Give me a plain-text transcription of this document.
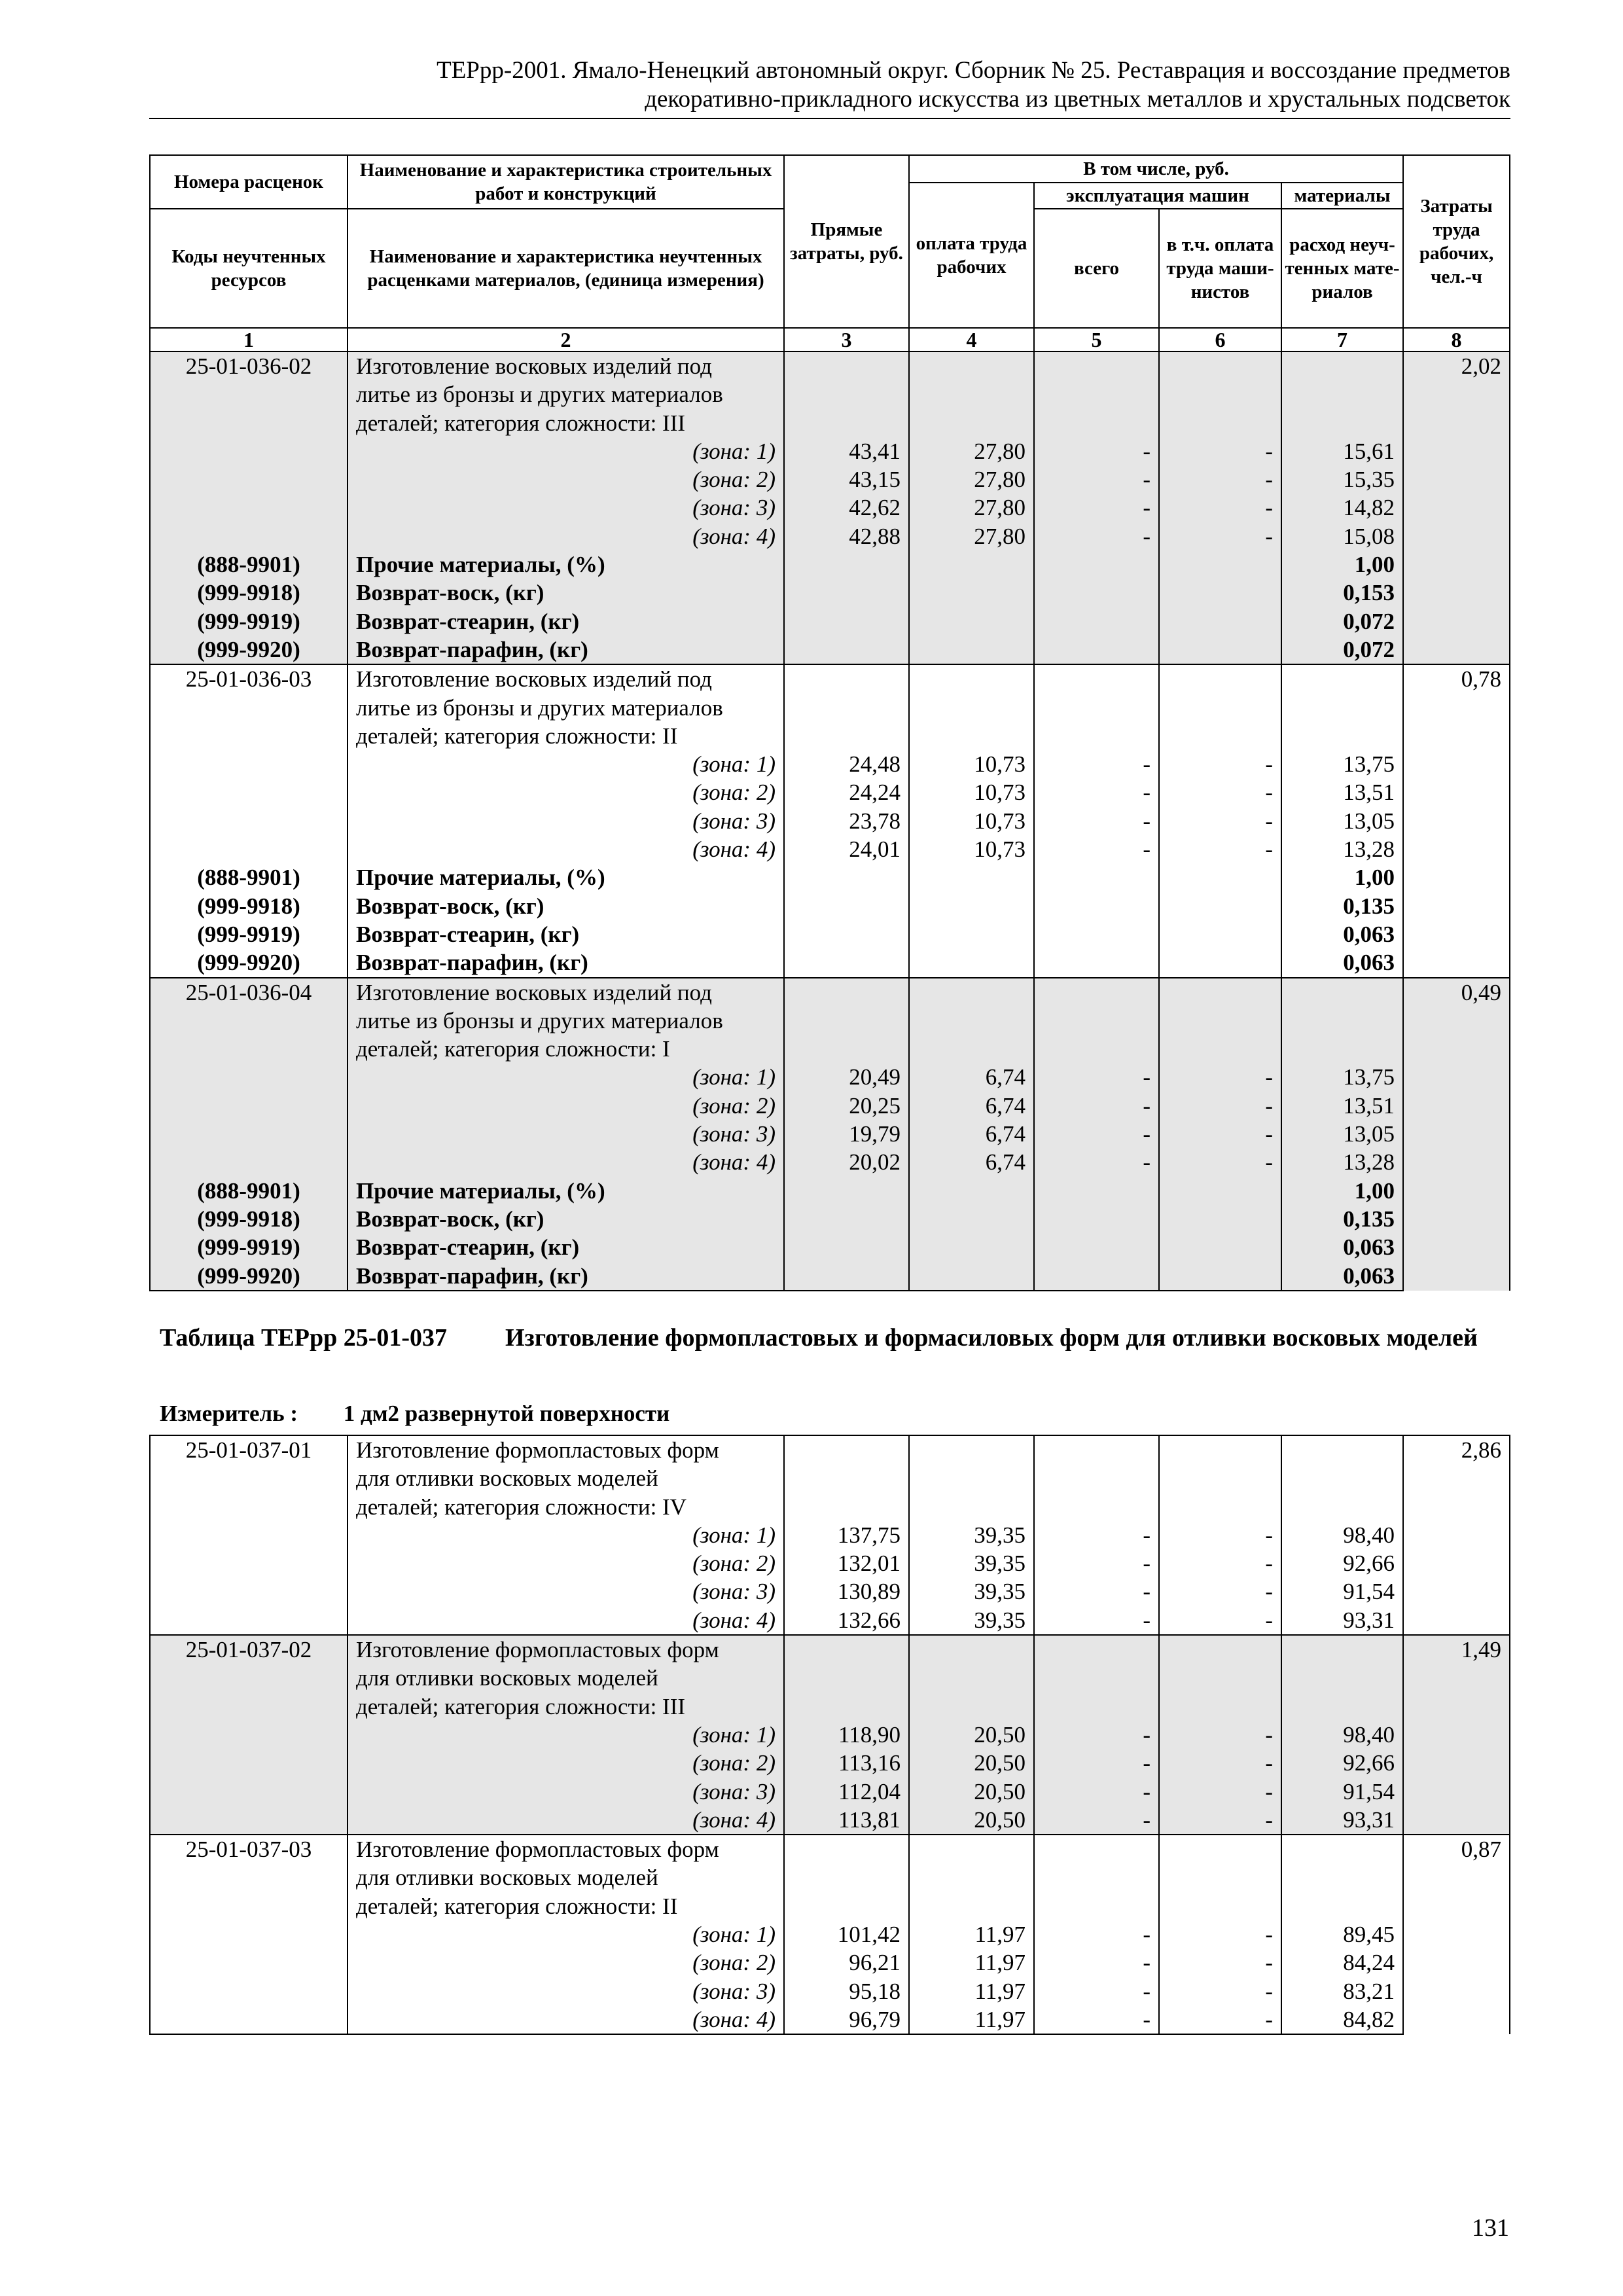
ТЕРрр-2001. Ямало-Ненецкий автономный округ. Сборник № 25. Реставрация и воссоздание предметов
декоративно-прикладного искусства из цветных металлов и хрустальных подсветок
Номера расценок	Наименование и характеристика строительных работ и конструкций	Прямые затраты, руб.	В том числе, руб.				Затраты труда рабочих, чел.-ч
			оплата труда рабочих	эксплуатация машин		материалы	
Коды неучтенных ресурсов	Наименование и характеристика неучтенных расценками материалов, (единица измерения)			всего	в т.ч. оплата труда маши-нистов	расход неуч-тенных мате-риалов	

1	2	3	4	5	6	7	8
25-01-036-02	Изготовление восковых изделий под
литье из бронзы и других материалов
деталей; категория сложности: III						2,02
	(зона: 1)	43,41	27,80	-	-	15,61	
	(зона: 2)	43,15	27,80	-	-	15,35	
	(зона: 3)	42,62	27,80	-	-	14,82	
	(зона: 4)	42,88	27,80	-	-	15,08	
(888-9901)	Прочие материалы, (%)					1,00	
(999-9918)	Возврат-воск, (кг)					0,153	
(999-9919)	Возврат-стеарин, (кг)					0,072	
(999-9920)	Возврат-парафин, (кг)					0,072	
25-01-036-03	Изготовление восковых изделий под
литье из бронзы и других материалов
деталей; категория сложности: II						0,78
	(зона: 1)	24,48	10,73	-	-	13,75	
	(зона: 2)	24,24	10,73	-	-	13,51	
	(зона: 3)	23,78	10,73	-	-	13,05	
	(зона: 4)	24,01	10,73	-	-	13,28	
(888-9901)	Прочие материалы, (%)					1,00	
(999-9918)	Возврат-воск, (кг)					0,135	
(999-9919)	Возврат-стеарин, (кг)					0,063	
(999-9920)	Возврат-парафин, (кг)					0,063	
25-01-036-04	Изготовление восковых изделий под
литье из бронзы и других материалов
деталей; категория сложности: I						0,49
	(зона: 1)	20,49	6,74	-	-	13,75	
	(зона: 2)	20,25	6,74	-	-	13,51	
	(зона: 3)	19,79	6,74	-	-	13,05	
	(зона: 4)	20,02	6,74	-	-	13,28	
(888-9901)	Прочие материалы, (%)					1,00	
(999-9918)	Возврат-воск, (кг)					0,135	
(999-9919)	Возврат-стеарин, (кг)					0,063	
(999-9920)	Возврат-парафин, (кг)					0,063	
Таблица ТЕРрр 25-01-037 Изготовление формопластовых и формасиловых форм для отливки восковых моделей
Измеритель : 1 дм2 развернутой поверхности
25-01-037-01	Изготовление формопластовых форм
для отливки восковых моделей
деталей; категория сложности: IV						2,86
	(зона: 1)	137,75	39,35	-	-	98,40	
	(зона: 2)	132,01	39,35	-	-	92,66	
	(зона: 3)	130,89	39,35	-	-	91,54	
	(зона: 4)	132,66	39,35	-	-	93,31	
25-01-037-02	Изготовление формопластовых форм
для отливки восковых моделей
деталей; категория сложности: III						1,49
	(зона: 1)	118,90	20,50	-	-	98,40	
	(зона: 2)	113,16	20,50	-	-	92,66	
	(зона: 3)	112,04	20,50	-	-	91,54	
	(зона: 4)	113,81	20,50	-	-	93,31	
25-01-037-03	Изготовление формопластовых форм
для отливки восковых моделей
деталей; категория сложности: II						0,87
	(зона: 1)	101,42	11,97	-	-	89,45	
	(зона: 2)	96,21	11,97	-	-	84,24	
	(зона: 3)	95,18	11,97	-	-	83,21	
	(зона: 4)	96,79	11,97	-	-	84,82	
131
